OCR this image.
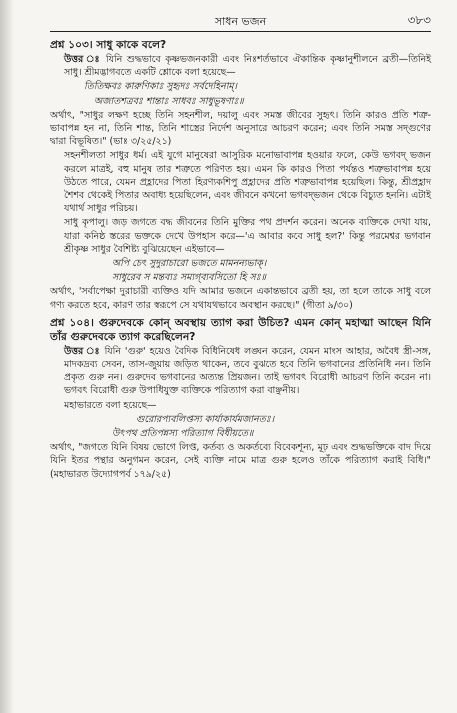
সাধন ভজন	৩৮৩

প্রশ্ন ১০৩। সাধু কাকে বলে?

উত্তর ঃ যিনি শুদ্ধভাবে কৃষ্ণভজনকারী এবং নিঃশর্তভাবে ঐকান্তিক কৃষ্ণানুশীলনে ব্রতী—তিনিই সাধু। শ্রীমদ্ভাগবতে একটি শ্লোকে বলা হয়েছে—

তিতিক্ষবঃ কারুণিকাঃ সুহৃদঃ সর্বদেহিনাম্।

অজাতশত্রবঃ শান্তাঃ সাধবঃ সাধুভূষণাঃ॥

অর্থাৎ, "সাধুর লক্ষণ হচ্ছে তিনি সহনশীল, দয়ালু এবং সমস্ত জীবের সুহৃৎ। তিনি কারও প্রতি শত্রু-ভাবাপন্ন হন না, তিনি শান্ত, তিনি শাস্ত্রের নির্দেশ অনুসারে আচরণ করেন; এবং তিনি সমস্ত সদ্‌গুণের দ্বারা বিভূষিত।" (ভাঃ ৩/২৫/২১)

সহনশীলতা সাধুর ধর্ম। এই যুগে মানুষেরা আসুরিক মনোভাবাপন্ন হওয়ার ফলে, কেউ ভগবদ্ ভজন করলে মাত্রই, বহু মানুষ তার শত্রুতে পরিণত হয়। এমন কি কারও পিতা পর্যন্তও শত্রুভাবাপন্ন হয়ে উঠতে পারে, যেমন প্রহ্লাদের পিতা হিরণ্যকশিপু প্রহ্লাদের প্রতি শত্রুভাবাপন্ন হয়েছিল। কিন্তু, শ্রীপ্রহ্লাদ শৈশব থেকেই পিতার অবাধ্য হয়েছিলেন, এবং জীবনে কখনো ভগবদ্‌ভজন থেকে বিচ্যুত হননি। এটাই যথার্থ সাধুর পরিচয়।

সাধু কৃপালু। জড় জগতে বদ্ধ জীবনের তিনি মুক্তির পথ প্রদর্শন করেন। অনেক ব্যক্তিকে দেখা যায়, যারা কনিষ্ঠ স্তরের ভক্তকে দেখে উপহাস করে—'এ আবার কবে সাধু হল?' কিন্তু পরমেশ্বর ভগবান শ্রীকৃষ্ণ সাধুর বৈশিষ্ট্য বুঝিয়েছেন এইভাবে—

অপি চেৎ সুদুরাচারো ভজতে মামনন্যভাক্।

সাধুরেব স মন্তব্যঃ সম্যগ্‌ব্যবসিতো হি সঃ॥

অর্থাৎ, 'সর্বাপেক্ষা দুরাচারী ব্যক্তিও যদি আমার ভজনে একান্তভাবে ব্রতী হয়, তা হলে তাকে সাধু বলে গণ্য করতে হবে, কারণ তার স্বরূপে সে যথাযথভাবে অবস্থান করছে।" (গীতা ৯/৩০)

প্রশ্ন ১০৪। গুরুদেবকে কোন্ অবস্থায় ত্যাগ করা উচিত? এমন কোন্ মহাত্মা আছেন যিনি তাঁর গুরুদেবকে ত্যাগ করেছিলেন?

উত্তর ঃ যিনি 'গুরু' হয়েও বৈদিক বিধিনিষেধ লঙ্ঘন করেন, যেমন মাংস আহার, অবৈধ স্ত্রী-সঙ্গ, মাদকদ্রব্য সেবন, তাস-জুয়ায় জড়িত থাকেন, তবে বুঝতে হবে তিনি ভগবানের প্রতিনিধি নন। তিনি প্রকৃত গুরু নন। গুরুদেব ভগবানের অত্যন্ত প্রিয়জন। তাই ভগবৎ বিরোধী আচরণ তিনি করেন না। ভগবৎ বিরোধী গুরু উপাধিযুক্ত ব্যক্তিকে পরিত্যাগ করা বাঞ্ছনীয়।

মহাভারতে বলা হয়েছে—

গুরোরপ্যবলিপ্তস্য কার্যাকার্যমজানতঃ।

উৎপথ প্রতিপন্নস্য পরিত্যাগ বিধীয়তে॥

অর্থাৎ, "জগতে যিনি বিষয় ভোগে লিপ্ত, কর্তব্য ও অকর্তব্যে বিবেকশূন্য, মূঢ় এবং শুদ্ধভক্তিকে বাদ দিয়ে যিনি ইতর পন্থার অনুগমন করেন, সেই ব্যক্তি নামে মাত্র গুরু হলেও তাঁকে পরিত্যাগ করাই বিধি।" (মহাভারত উদ্যোগপর্ব ১৭৯/২৫)
